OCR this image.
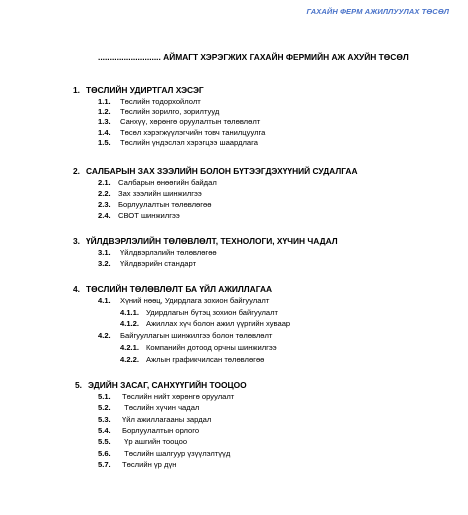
ГАХАЙН ФЕРМ АЖИЛЛУУЛАХ ТӨСӨЛ
........................... АЙМАГТ ХЭРЭГЖИХ ГАХАЙН ФЕРМИЙН АЖ АХУЙН ТӨСӨЛ
1. ТӨСЛИЙН УДИРТГАЛ ХЭСЭГ
1.1. Төслийн тодорхойлолт
1.2. Төслийн зорилго, зорилтууд
1.3. Санхүү, хөрөнгө оруулалтын төлөвлөлт
1.4. Төсөл хэрэгжүүлэгчийн товч танилцуулга
1.5. Төслийн үндэслэл хэрэгцээ шаардлага
2. САЛБАРЫН ЗАХ ЗЭЭЛИЙН БОЛОН БҮТЭЭГДЭХҮҮНИЙ СУДАЛГАА
2.1. Салбарын өнөөгийн байдал
2.2. Зах зээлийн шинжилгээ
2.3. Борлуулалтын төлөвлөгөө
2.4. СВОТ шинжилгээ
3. ҮЙЛДВЭРЛЭЛИЙН ТӨЛӨВЛӨЛТ, ТЕХНОЛОГИ, ХҮЧИН ЧАДАЛ
3.1. Үйлдвэрлэлийн төлөвлөгөө
3.2. Үйлдвэрийн стандарт
4. ТӨСЛИЙН ТӨЛӨВЛӨЛТ БА ҮЙЛ АЖИЛЛАГАА
4.1. Хүний нөөц, Удирдлага зохион байгуулалт
4.1.1. Удирдлагын бүтэц зохион байгуулалт
4.1.2. Ажиллах хүч болон ажил үүргийн хуваар
4.2. Байгууллагын шинжилгээ болон төлөвлөлт
4.2.1. Компанийн дотоод орчны шинжилгээ
4.2.2. Ажлын графикчилсан төлөвлөгөө
5. ЭДИЙН ЗАСАГ, САНХҮҮГИЙН ТООЦОО
5.1. Төслийн нийт хөрөнгө оруулалт
5.2. Төслийн хүчин чадал
5.3. Үйл ажиллагааны зардал
5.4. Борлуулалтын орлого
5.5. Үр ашгийн тооцоо
5.6. Төслийн шалгуур үзүүлэлтүүд
5.7. Төслийн үр дүн
